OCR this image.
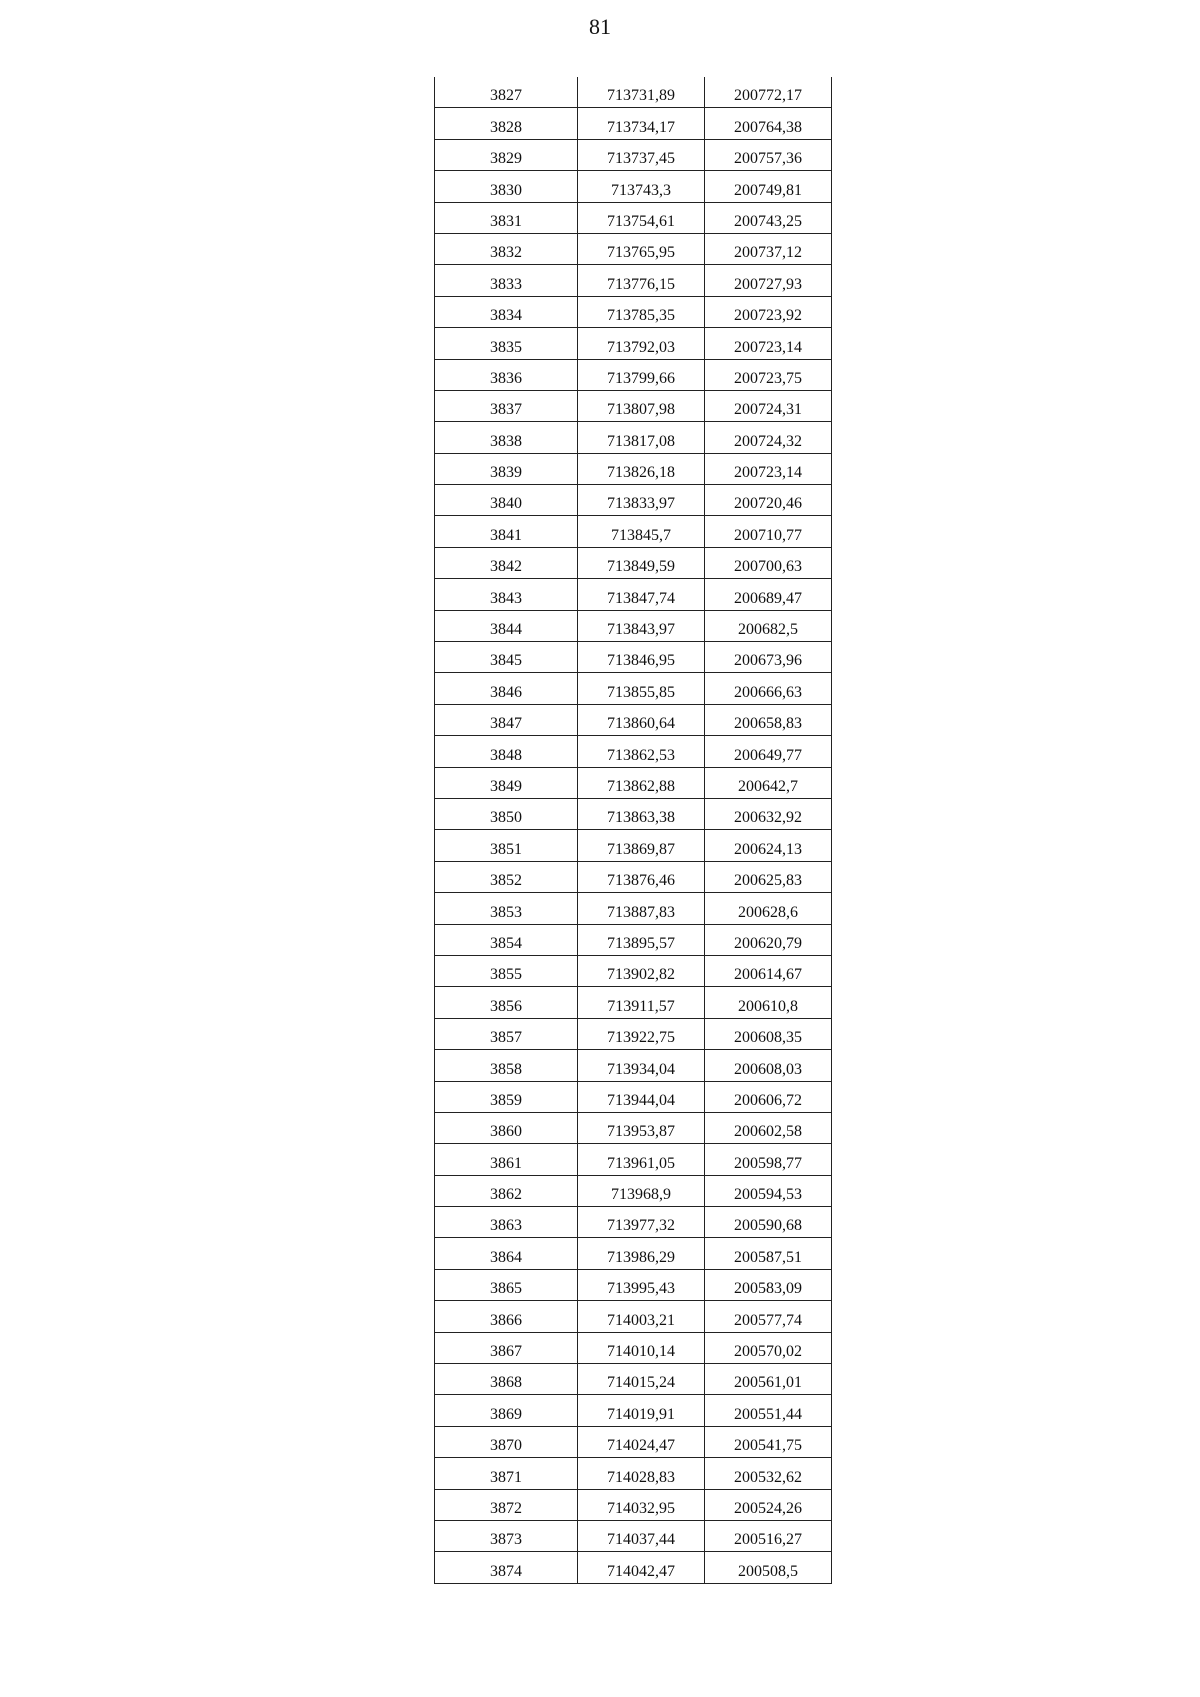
81
3827	713731,89	200772,17
3828	713734,17	200764,38
3829	713737,45	200757,36
3830	713743,3	200749,81
3831	713754,61	200743,25
3832	713765,95	200737,12
3833	713776,15	200727,93
3834	713785,35	200723,92
3835	713792,03	200723,14
3836	713799,66	200723,75
3837	713807,98	200724,31
3838	713817,08	200724,32
3839	713826,18	200723,14
3840	713833,97	200720,46
3841	713845,7	200710,77
3842	713849,59	200700,63
3843	713847,74	200689,47
3844	713843,97	200682,5
3845	713846,95	200673,96
3846	713855,85	200666,63
3847	713860,64	200658,83
3848	713862,53	200649,77
3849	713862,88	200642,7
3850	713863,38	200632,92
3851	713869,87	200624,13
3852	713876,46	200625,83
3853	713887,83	200628,6
3854	713895,57	200620,79
3855	713902,82	200614,67
3856	713911,57	200610,8
3857	713922,75	200608,35
3858	713934,04	200608,03
3859	713944,04	200606,72
3860	713953,87	200602,58
3861	713961,05	200598,77
3862	713968,9	200594,53
3863	713977,32	200590,68
3864	713986,29	200587,51
3865	713995,43	200583,09
3866	714003,21	200577,74
3867	714010,14	200570,02
3868	714015,24	200561,01
3869	714019,91	200551,44
3870	714024,47	200541,75
3871	714028,83	200532,62
3872	714032,95	200524,26
3873	714037,44	200516,27
3874	714042,47	200508,5
